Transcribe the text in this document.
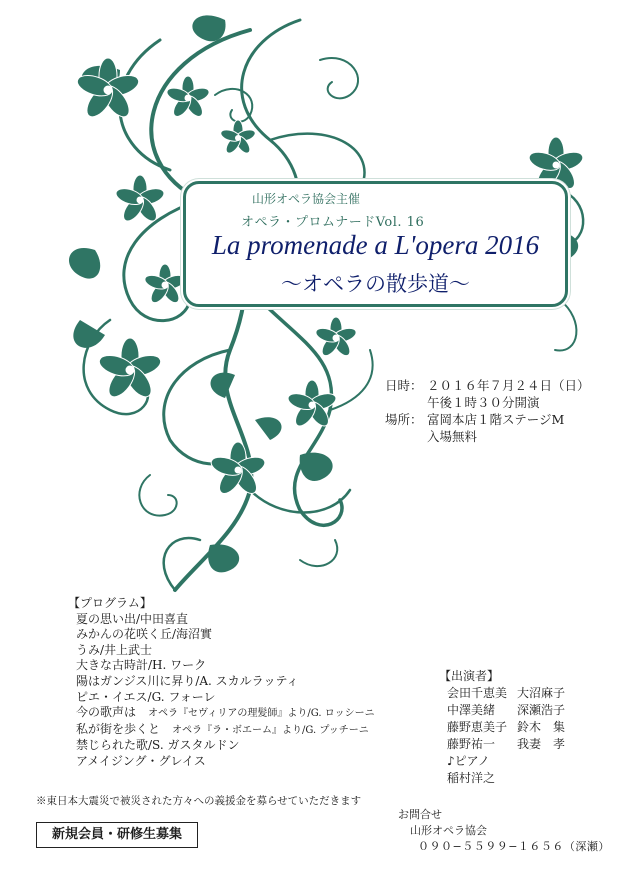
山形オペラ協会主催
オペラ・プロムナードVol. 16
La promenade a L'opera 2016
〜オペラの散歩道〜
日時： ２０１６年７月２４日（日）
午後１時３０分開演
場所： 富岡本店１階ステージM
入場無料
【プログラム】
夏の思い出/中田喜直
みかんの花咲く丘/海沼實
うみ/井上武士
大きな古時計/H. ワーク
陽はガンジス川に昇り/A. スカルラッティ
ピエ・イエス/G. フォーレ
今の歌声は　 オペラ『セヴィリアの理髪師』より/G. ロッシーニ
私が街を歩くと　 オペラ『ラ・ボエーム』より/G. プッチーニ
禁じられた歌/S. ガスタルドン
アメイジング・グレイス
【出演者】
会田千恵美 大沼麻子
中澤美緒 深瀬浩子
藤野恵美子 鈴木　集
藤野祐一 我妻　孝
♪ピアノ
稲村洋之
※東日本大震災で被災された方々への義援金を募らせていただきます
新規会員・研修生募集
お問合せ
山形オペラ協会
０９０−５５９９−１６５６（深瀬）
